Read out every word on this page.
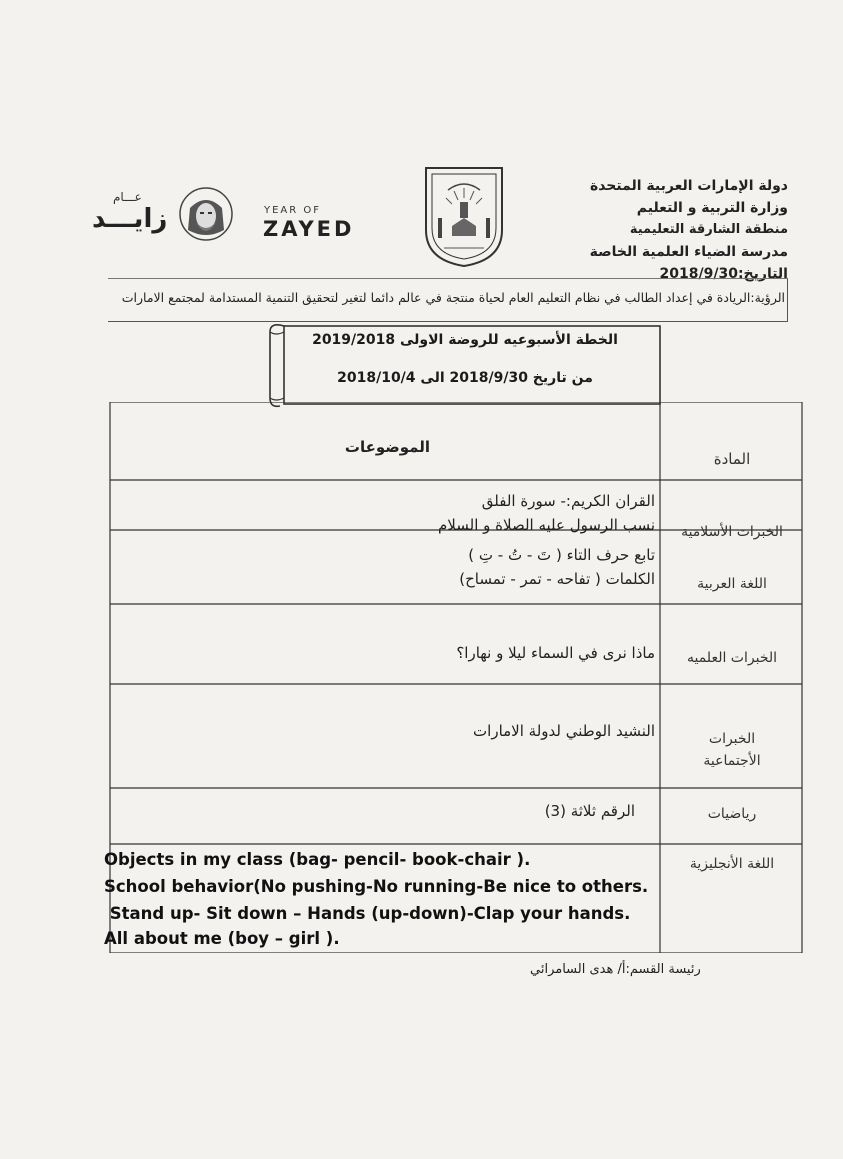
عـــام
زايـــد	YEAR OF
ZAYED
دولة الإمارات العربية المتحدة
وزارة التربية و التعليم
منطقة الشارقة التعليمية
مدرسة الضياء العلمية الخاصة
التاريخ:2018/9/30
الرؤية:الريادة في إعداد الطالب في نظام التعليم العام لحياة منتجة في عالم دائما لتغير لتحقيق التنمية المستدامة لمجتمع الامارات
الخطة الأسبوعيه للروضة الاولى 2019/2018
من تاريخ 2018/9/30 الى 2018/10/4
المادة
الموضوعات
الخبرات الأسلامية
القران الكريم:- سورة الفلق
نسب الرسول عليه الصلاة و السلام
اللغة العربية
تابع حرف التاء ( تَ - تُ - تِ )
الكلمات ( تفاحه - تمر - تمساح)
الخبرات العلميه
ماذا نرى في السماء ليلا و نهارا؟
الخبرات الأجتماعية
النشيد الوطني لدولة الامارات
رياضيات
الرقم ثلاثة (3)
اللغة الأنجليزية
Objects in my class (bag- pencil- book-chair ).
School behavior(No pushing-No running-Be nice to others.
Stand up- Sit down – Hands (up-down)-Clap your hands.
All about me (boy – girl ).
رئيسة القسم:أ/ هدى السامرائي
